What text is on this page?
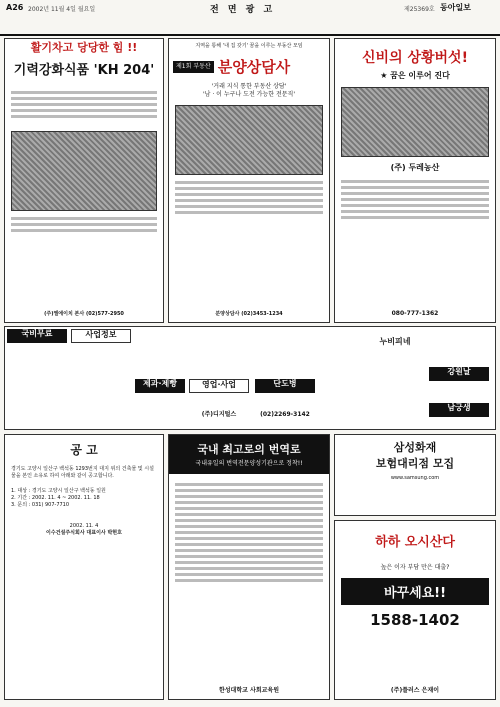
A26 2002년 11월 4일 월요일	전 면 광 고	제25369호 동아일보
활기차고 당당한 힘 !!
기력강화식품 'KH 204'
(주)엘에이치 본사 (02)577-2950
지역을 통해 '내 집 갖기' 꿈을 이루는 부동산 모임
제1회 부동산 분양상담사
'거래 지식 통한 부동산 상담'
'남 · 이 누구나 도전 가능한 전문직'
분양상담사 (02)3453-1234
신비의 상황버섯!
★ 꿈은 이루어 진다
(주) 두레농산
080-777-1362
국비무료	사업정보
제과·제빵	영업·사업	단도병
(주)디지털스	(02)2269-3142
누비피네
강원날
남궁생
공 고
경기도 고양시 일산구 백석동 1293번지 대지 위의 건축물 및 시설물을 본인 소유로 하여 아래와 같이 공고합니다.
1. 대상 : 경기도 고양시 일산구 백석동 일원
2. 기간 : 2002. 11. 4 ~ 2002. 11. 18
3. 문의 : 031) 907-7710
2002. 11. 4
이수건설주식회사 대표이사 박현호
국내 최고로의 번역로
국내유일의 번역전문양성기관으로 정착!!
한성대학교 사회교육원
삼성화재
보험대리점 모집
www.samsung.com
하하 오시산다
높은 이자 부담 만은 대출?
바꾸세요!!
1588-1402
(주)플러스 은재이
